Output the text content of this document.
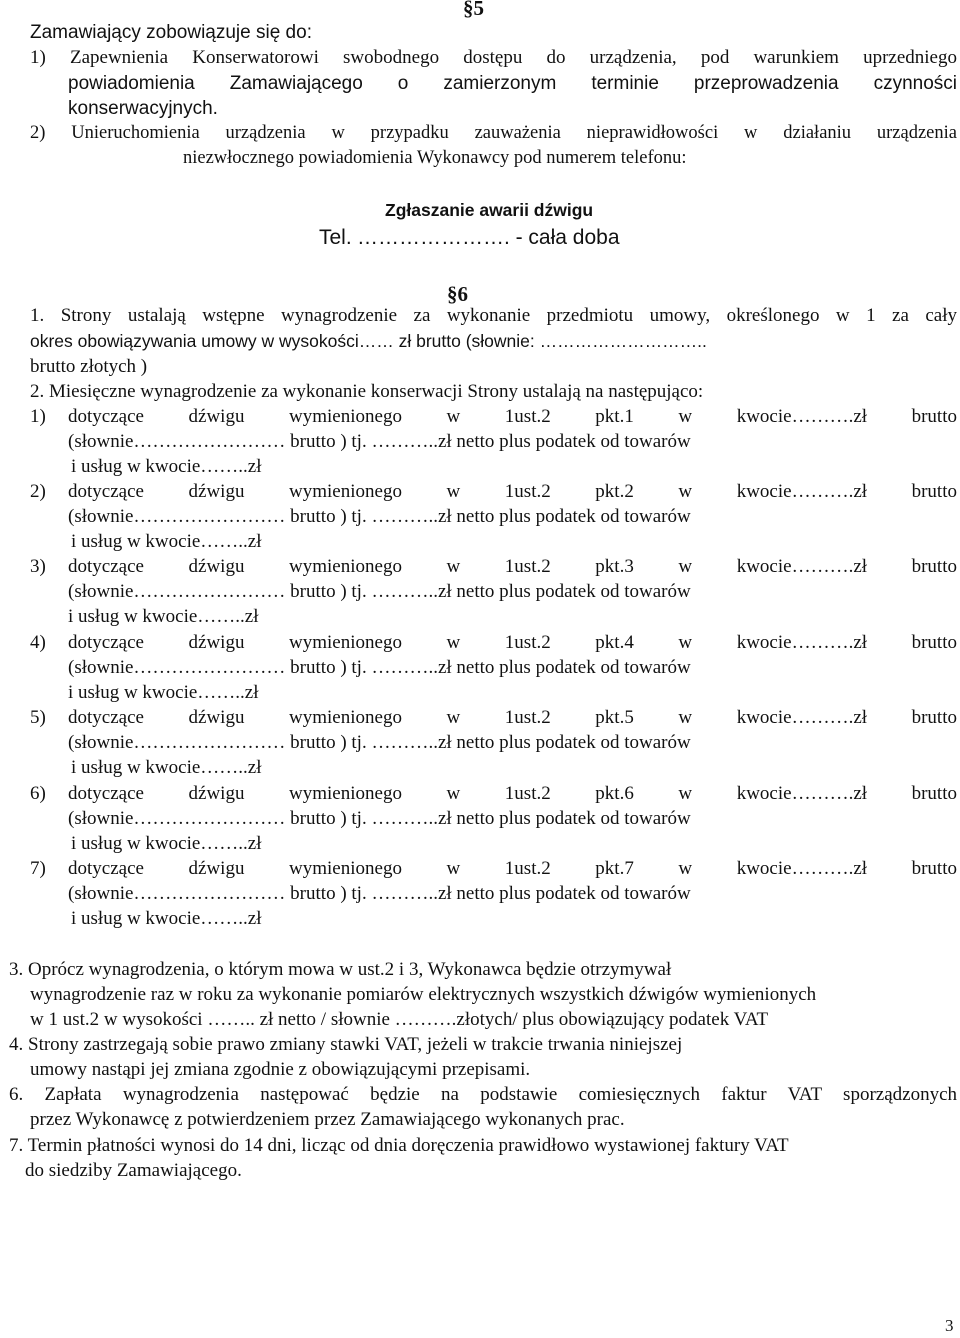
§5
Zamawiający zobowiązuje się do:
1) Zapewnienia Konserwatorowi swobodnego dostępu do urządzenia, pod warunkiem uprzedniego
powiadomienia Zamawiającego o zamierzonym terminie przeprowadzenia czynności
konserwacyjnych.
2) Unieruchomienia urządzenia w przypadku zauważenia nieprawidłowości w działaniu urządzenia
niezwłocznego powiadomienia Wykonawcy pod numerem telefonu:
Zgłaszanie awarii dźwigu
Tel. …………………. - cała doba
§6
1. Strony ustalają wstępne wynagrodzenie za wykonanie przedmiotu umowy, określonego w 1 za cały
okres obowiązywania umowy w wysokości…… zł brutto (słownie: ………………………..
brutto złotych )
2. Miesięczne wynagrodzenie za wykonanie konserwacji Strony ustalają na następująco:
1) dotyczące dźwigu wymienionego w 1ust.2 pkt.1 w kwocie……….zł brutto
(słownie…………………… brutto ) tj. ………..zł netto plus podatek od towarów
i usług w kwocie……..zł
2) dotyczące dźwigu wymienionego w 1ust.2 pkt.2 w kwocie……….zł brutto
(słownie…………………… brutto ) tj. ………..zł netto plus podatek od towarów
i usług w kwocie……..zł
3) dotyczące dźwigu wymienionego w 1ust.2 pkt.3 w kwocie……….zł brutto
(słownie…………………… brutto ) tj. ………..zł netto plus podatek od towarów
i usług w kwocie……..zł
4) dotyczące dźwigu wymienionego w 1ust.2 pkt.4 w kwocie……….zł brutto
(słownie…………………… brutto ) tj. ………..zł netto plus podatek od towarów
i usług w kwocie……..zł
5) dotyczące dźwigu wymienionego w 1ust.2 pkt.5 w kwocie……….zł brutto
(słownie…………………… brutto ) tj. ………..zł netto plus podatek od towarów
i usług w kwocie……..zł
6) dotyczące dźwigu wymienionego w 1ust.2 pkt.6 w kwocie……….zł brutto
(słownie…………………… brutto ) tj. ………..zł netto plus podatek od towarów
i usług w kwocie……..zł
7) dotyczące dźwigu wymienionego w 1ust.2 pkt.7 w kwocie……….zł brutto
(słownie…………………… brutto ) tj. ………..zł netto plus podatek od towarów
i usług w kwocie……..zł
3. Oprócz wynagrodzenia, o którym mowa w ust.2 i 3, Wykonawca będzie otrzymywał
wynagrodzenie raz w roku za wykonanie pomiarów elektrycznych wszystkich dźwigów wymienionych
w 1 ust.2 w wysokości …….. zł netto / słownie ……….złotych/ plus obowiązujący podatek VAT
4. Strony zastrzegają sobie prawo zmiany stawki VAT, jeżeli w trakcie trwania niniejszej
umowy nastąpi jej zmiana zgodnie z obowiązującymi przepisami.
6. Zapłata wynagrodzenia następować będzie na podstawie comiesięcznych faktur VAT sporządzonych
przez Wykonawcę z potwierdzeniem przez Zamawiającego wykonanych prac.
7. Termin płatności wynosi do 14 dni, licząc od dnia doręczenia prawidłowo wystawionej faktury VAT
do siedziby Zamawiającego.
3
